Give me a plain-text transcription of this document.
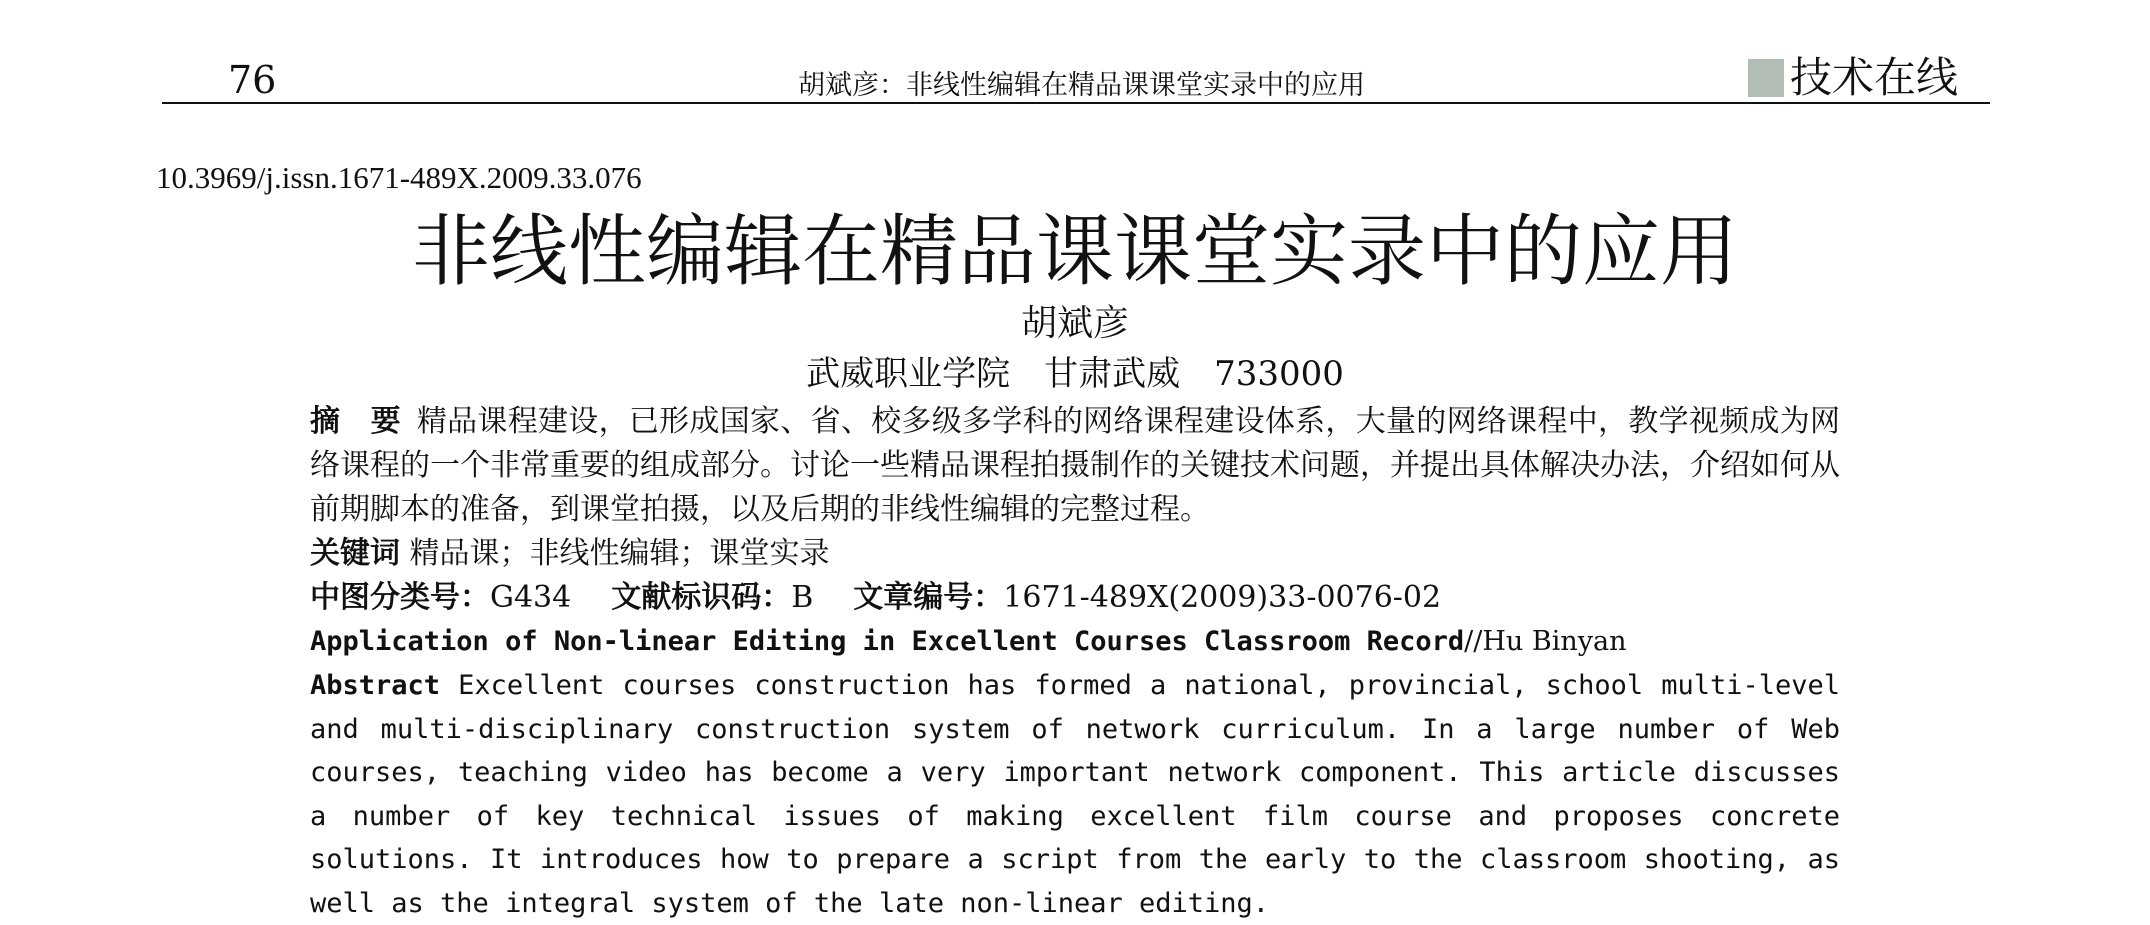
76	胡斌彦：非线性编辑在精品课课堂实录中的应用	技术在线
10.3969/j.issn.1671-489X.2009.33.076
非线性编辑在精品课课堂实录中的应用
胡斌彦
武威职业学院　甘肃武威　733000
摘　要 精品课程建设，已形成国家、省、校多级多学科的网络课程建设体系，大量的网络课程中，教学视频成为网络课程的一个非常重要的组成部分。讨论一些精品课程拍摄制作的关键技术问题，并提出具体解决办法，介绍如何从前期脚本的准备，到课堂拍摄，以及后期的非线性编辑的完整过程。
关键词 精品课；非线性编辑；课堂实录
中图分类号：G434 文献标识码：B 文章编号：1671-489X(2009)33-0076-02
Application of Non-linear Editing in Excellent Courses Classroom Record//Hu Binyan
Abstract Excellent courses construction has formed a national, provincial, school multi-level and multi-disciplinary construction system of network curriculum. In a large number of Web courses, teaching video has become a very important network component. This article discusses a number of key technical issues of making excellent film course and proposes concrete solutions. It introduces how to prepare a script from the early to the classroom shooting, as well as the integral system of the late non-linear editing.
